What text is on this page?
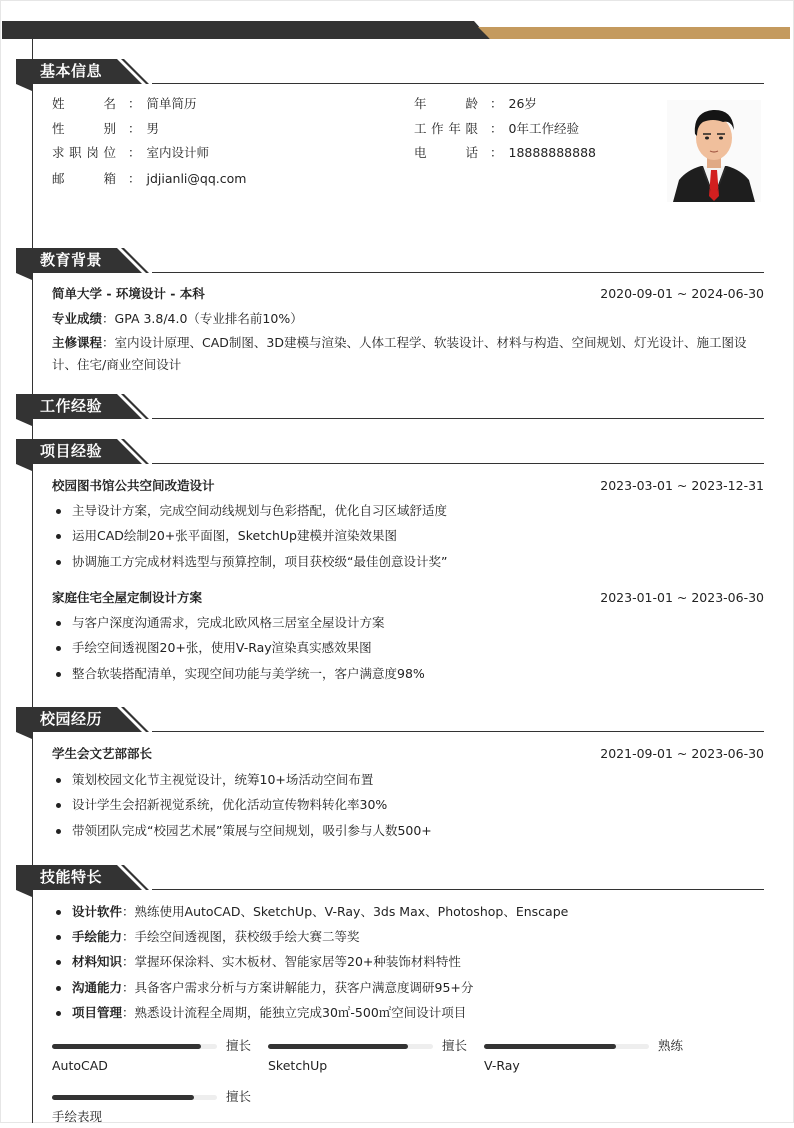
基本信息
姓	名 ： 简单简历
性	别 ： 男
求 职 岗 位 ： 室内设计师
邮	箱 ： jdjianli@qq.com
年	龄 ： 26岁
工 作 年 限 ： 0年工作经验
电	话 ： 18888888888
教育背景
简单大学 - 环境设计 - 本科	2020-09-01 ~ 2024-06-30
专业成绩：GPA 3.8/4.0（专业排名前10%）
主修课程：室内设计原理、CAD制图、3D建模与渲染、人体工程学、软装设计、材料与构造、空间规划、灯光设计、施工图设
计、住宅/商业空间设计
工作经验
项目经验
校园图书馆公共空间改造设计	2023-03-01 ~ 2023-12-31
主导设计方案，完成空间动线规划与色彩搭配，优化自习区域舒适度
运用CAD绘制20+张平面图，SketchUp建模并渲染效果图
协调施工方完成材料选型与预算控制，项目获校级“最佳创意设计奖”
家庭住宅全屋定制设计方案	2023-01-01 ~ 2023-06-30
与客户深度沟通需求，完成北欧风格三居室全屋设计方案
手绘空间透视图20+张，使用V-Ray渲染真实感效果图
整合软装搭配清单，实现空间功能与美学统一，客户满意度98%
校园经历
学生会文艺部部长	2021-09-01 ~ 2023-06-30
策划校园文化节主视觉设计，统筹10+场活动空间布置
设计学生会招新视觉系统，优化活动宣传物料转化率30%
带领团队完成“校园艺术展”策展与空间规划，吸引参与人数500+
技能特长
设计软件：熟练使用AutoCAD、SketchUp、V-Ray、3ds Max、Photoshop、Enscape
手绘能力：手绘空间透视图，获校级手绘大赛二等奖
材料知识：掌握环保涂料、实木板材、智能家居等20+种装饰材料特性
沟通能力：具备客户需求分析与方案讲解能力，获客户满意度调研95+分
项目管理：熟悉设计流程全周期，能独立完成30㎡-500㎡空间设计项目
擅长
AutoCAD
擅长
SketchUp
熟练
V-Ray
擅长
手绘表现
